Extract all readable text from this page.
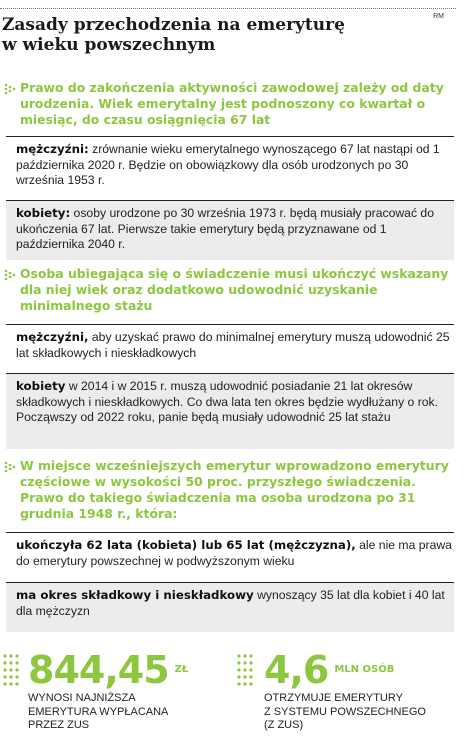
Zasady przechodzenia na emeryturę
w wieku powszechnym
RM
Prawo do zakończenia aktywności zawodowej zależy od daty urodzenia. Wiek emerytalny jest podnoszony co kwartał o miesiąc, do czasu osiągnięcia 67 lat
mężczyźni: zrównanie wieku emerytalnego wynoszącego 67 lat nastąpi od 1 października 2020 r. Będzie on obowiązkowy dla osób urodzonych po 30 września 1953 r.
kobiety: osoby urodzone po 30 września 1973 r. będą musiały pracować do ukończenia 67 lat. Pierwsze takie emerytury będą przyznawane od 1 października 2040 r.
Osoba ubiegająca się o świadczenie musi ukończyć wskazany dla niej wiek oraz dodatkowo udowodnić uzyskanie minimalnego stażu
mężczyźni, aby uzyskać prawo do minimalnej emerytury muszą udowodnić 25 lat składkowych i nieskładkowych
kobiety w 2014 i w 2015 r. muszą udowodnić posiadanie 21 lat okresów składkowych i nieskładkowych. Co dwa lata ten okres będzie wydłużany o rok. Począwszy od 2022 roku, panie będą musiały udowodnić 25 lat stażu
W miejsce wcześniejszych emerytur wprowadzono emerytury częściowe w wysokości 50 proc. przyszłego świadczenia. Prawo do takiego świadczenia ma osoba urodzona po 31 grudnia 1948 r., która:
ukończyła 62 lata (kobieta) lub 65 lat (mężczyzna), ale nie ma prawa do emerytury powszechnej w podwyższonym wieku
ma okres składkowy i nieskładkowy wynoszący 35 lat dla kobiet i 40 lat dla mężczyzn
844,45 ZŁ
WYNOSI NAJNIŻSZA
EMERYTURA WYPŁACANA
PRZEZ ZUS
4,6 MLN OSÓB
OTRZYMUJE EMERYTURY
Z SYSTEMU POWSZECHNEGO
(Z ZUS)
